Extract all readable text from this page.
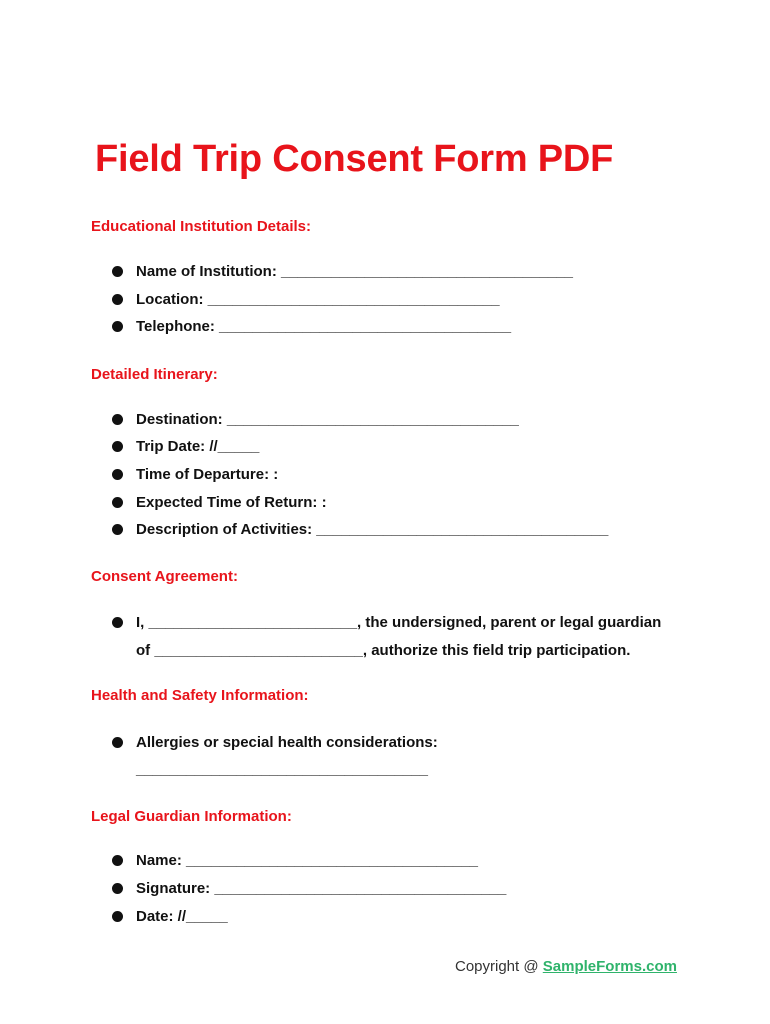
Field Trip Consent Form PDF
Educational Institution Details:
Name of Institution: ___________________________________
Location: ___________________________________
Telephone: ___________________________________
Detailed Itinerary:
Destination: ___________________________________
Trip Date: //_____
Time of Departure: :
Expected Time of Return: :
Description of Activities: ___________________________________
Consent Agreement:
I, _________________________, the undersigned, parent or legal guardian
of _________________________, authorize this field trip participation.
Health and Safety Information:
Allergies or special health considerations:
___________________________________
Legal Guardian Information:
Name: ___________________________________
Signature: ___________________________________
Date: //_____
Copyright @ SampleForms.com
